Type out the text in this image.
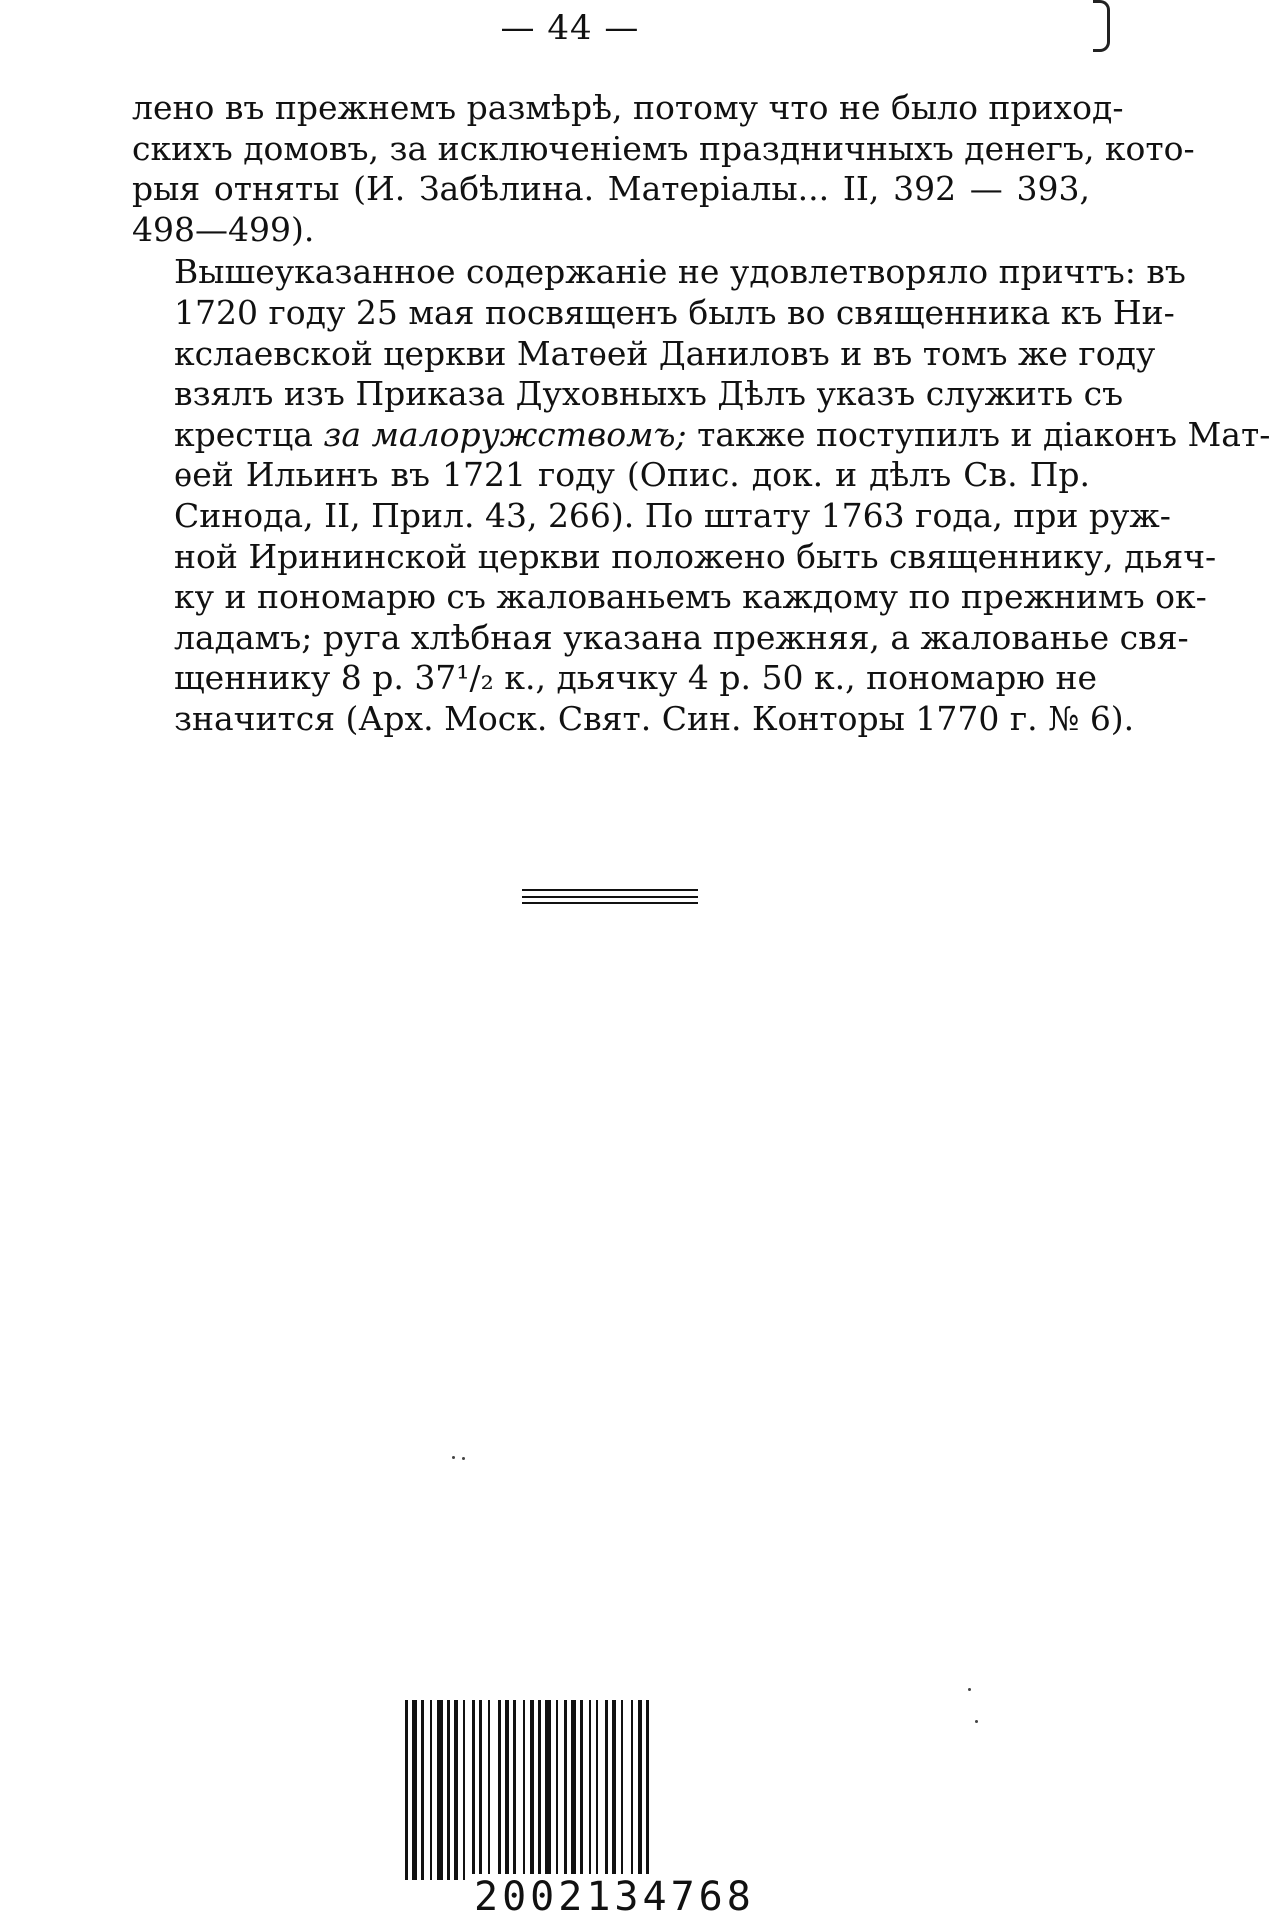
— 44 —

лено въ прежнемъ размѣрѣ, потому что не было приход-
скихъ домовъ, за исключеніемъ праздничныхъ денегъ, кото-
рыя отняты (И. Забѣлина. Матеріалы... II, 392 — 393,
498—499).

Вышеуказанное содержаніе не удовлетворяло причтъ: въ
1720 году 25 мая посвященъ былъ во священника къ Ни-
кслаевской церкви Матѳей Даниловъ и въ томъ же году
взялъ изъ Приказа Духовныхъ Дѣлъ указъ служить съ
крестца за малоружствомъ; также поступилъ и діаконъ Мат-
ѳей Ильинъ въ 1721 году (Опис. док. и дѣлъ Св. Пр.
Синода, II, Прил. 43, 266). По штату 1763 года, при руж-
ной Ирининской церкви положено быть священнику, дьяч-
ку и пономарю съ жалованьемъ каждому по прежнимъ ок-
ладамъ; руга хлѣбная указана прежняя, а жалованье свя-
щеннику 8 р. 37¹/₂ к., дьячку 4 р. 50 к., пономарю не
значится (Арх. Моск. Свят. Син. Конторы 1770 г. № 6).

2002134768
